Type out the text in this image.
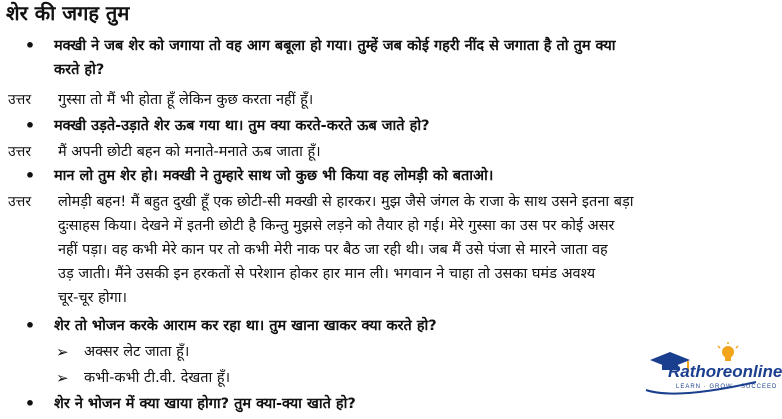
शेर की जगह तुम
• मक्खी ने जब शेर को जगाया तो वह आग बबूला हो गया। तुम्हें जब कोई गहरी नींद से जगाता है तो तुम क्या
करते हो?
उत्तर	गुस्सा तो मैं भी होता हूँ लेकिन कुछ करता नहीं हूँ।
• मक्खी उड़ते-उड़ाते शेर ऊब गया था। तुम क्या करते-करते ऊब जाते हो?
उत्तर	मैं अपनी छोटी बहन को मनाते-मनाते ऊब जाता हूँ।
• मान लो तुम शेर हो। मक्खी ने तुम्हारे साथ जो कुछ भी किया वह लोमड़ी को बताओ।
उत्तर	लोमड़ी बहन! मैं बहुत दुखी हूँ एक छोटी-सी मक्खी से हारकर। मुझ जैसे जंगल के राजा के साथ उसने इतना बड़ा
दुःसाहस किया। देखने में इतनी छोटी है किन्तु मुझसे लड़ने को तैयार हो गई। मेरे गुस्सा का उस पर कोई असर
नहीं पड़ा। वह कभी मेरे कान पर तो कभी मेरी नाक पर बैठ जा रही थी। जब मैं उसे पंजा से मारने जाता वह
उड़ जाती। मैंने उसकी इन हरकतों से परेशान होकर हार मान ली। भगवान ने चाहा तो उसका घमंड अवश्य
चूर-चूर होगा।
• शेर तो भोजन करके आराम कर रहा था। तुम खाना खाकर क्या करते हो?
➢	अक्सर लेट जाता हूँ।
➢	कभी-कभी टी.वी. देखता हूँ।
• शेर ने भोजन में क्या खाया होगा? तुम क्या-क्या खाते हो?
Rathoreonline
LEARN · GROW · SUCCEED
